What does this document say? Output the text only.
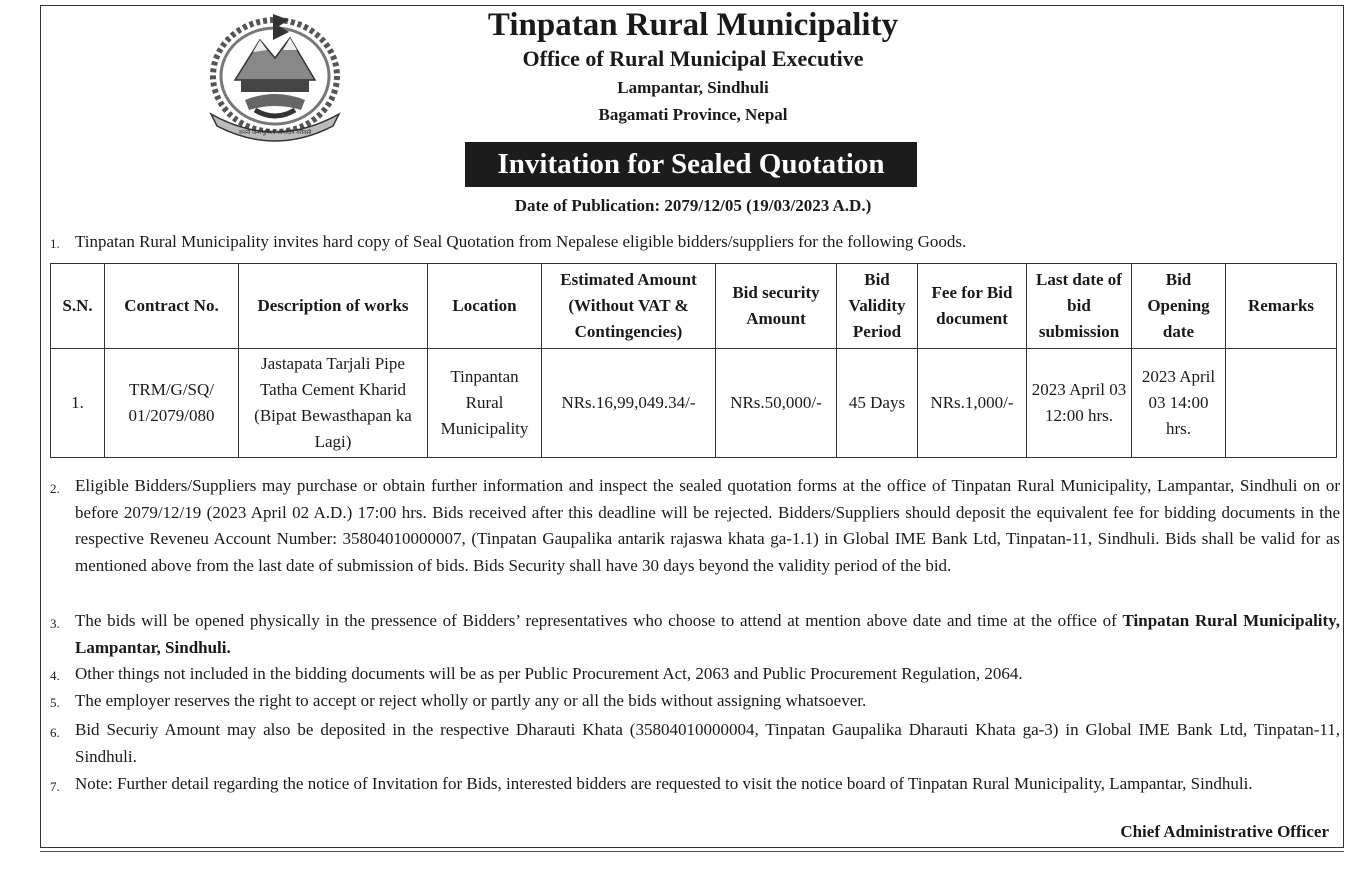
जननी जन्मभूमिश्च स्वर्गादपि गरीयसी
Tinpatan Rural Municipality
Office of Rural Municipal Executive
Lampantar, Sindhuli
Bagamati Province, Nepal
Invitation for Sealed Quotation
Date of Publication: 2079/12/05 (19/03/2023 A.D.)
1. Tinpatan Rural Municipality invites hard copy of Seal Quotation from Nepalese eligible bidders/suppliers for the following Goods.
S.N.	Contract No.	Description of works	Location	Estimated Amount (Without VAT & Contingencies)	Bid security Amount	Bid Validity Period	Fee for Bid document	Last date of bid submission	Bid Opening date	Remarks
1.	TRM/G/SQ/ 01/2079/080	Jastapata Tarjali Pipe Tatha Cement Kharid (Bipat Bewasthapan ka Lagi)	Tinpantan Rural Municipality	NRs.16,99,049.34/-	NRs.50,000/-	45 Days	NRs.1,000/-	2023 April 03 12:00 hrs.	2023 April 03 14:00 hrs.	
2. Eligible Bidders/Suppliers may purchase or obtain further information and inspect the sealed quotation forms at the office of Tinpatan Rural Municipality, Lampantar, Sindhuli on or before 2079/12/19 (2023 April 02 A.D.) 17:00 hrs. Bids received after this deadline will be rejected. Bidders/Suppliers should deposit the equivalent fee for bidding documents in the respective Reveneu Account Number: 35804010000007, (Tinpatan Gaupalika antarik rajaswa khata ga-1.1) in Global IME Bank Ltd, Tinpatan-11, Sindhuli. Bids shall be valid for as mentioned above from the last date of submission of bids. Bids Security shall have 30 days beyond the validity period of the bid.
3. The bids will be opened physically in the pressence of Bidders’ representatives who choose to attend at mention above date and time at the office of Tinpatan Rural Municipality, Lampantar, Sindhuli.
4. Other things not included in the bidding documents will be as per Public Procurement Act, 2063 and Public Procurement Regulation, 2064.
5. The employer reserves the right to accept or reject wholly or partly any or all the bids without assigning whatsoever.
6. Bid Securiy Amount may also be deposited in the respective Dharauti Khata (35804010000004, Tinpatan Gaupalika Dharauti Khata ga-3) in Global IME Bank Ltd, Tinpatan-11, Sindhuli.
7. Note: Further detail regarding the notice of Invitation for Bids, interested bidders are requested to visit the notice board of Tinpatan Rural Municipality, Lampantar, Sindhuli.
Chief Administrative Officer
